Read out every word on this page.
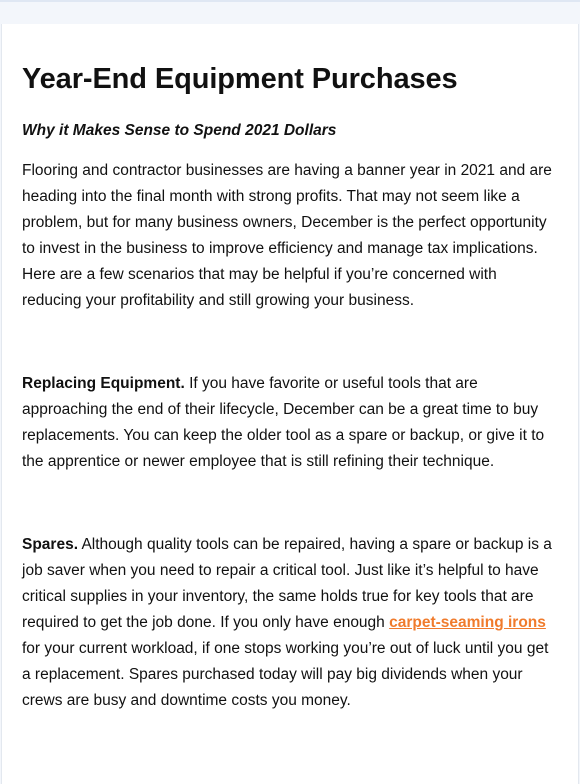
Year-End Equipment Purchases

Why it Makes Sense to Spend 2021 Dollars

Flooring and contractor businesses are having a banner year in 2021 and are heading into the final month with strong profits. That may not seem like a problem, but for many business owners, December is the perfect opportunity to invest in the business to improve efficiency and manage tax implications. Here are a few scenarios that may be helpful if you’re concerned with reducing your profitability and still growing your business.

Replacing Equipment. If you have favorite or useful tools that are approaching the end of their lifecycle, December can be a great time to buy replacements. You can keep the older tool as a spare or backup, or give it to the apprentice or newer employee that is still refining their technique.

Spares. Although quality tools can be repaired, having a spare or backup is a job saver when you need to repair a critical tool. Just like it’s helpful to have critical supplies in your inventory, the same holds true for key tools that are required to get the job done. If you only have enough carpet-seaming irons for your current workload, if one stops working you’re out of luck until you get a replacement. Spares purchased today will pay big dividends when your crews are busy and downtime costs you money.
